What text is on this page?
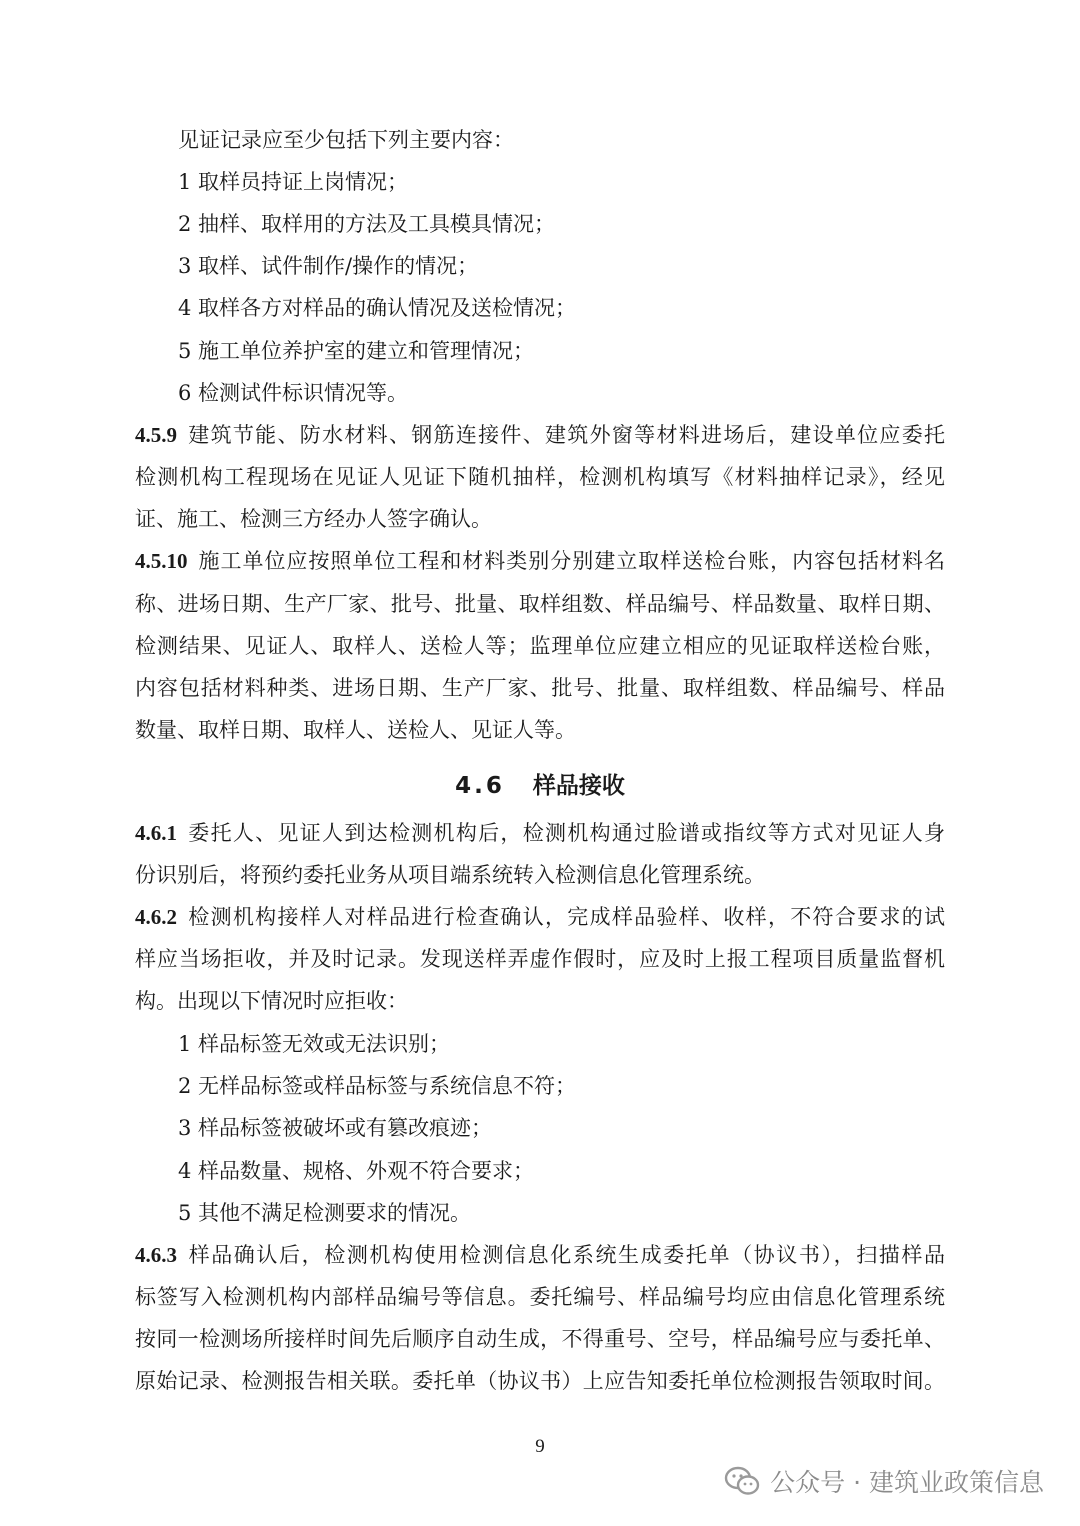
见证记录应至少包括下列主要内容：
1 取样员持证上岗情况；
2 抽样、取样用的方法及工具模具情况；
3 取样、试件制作/操作的情况；
4 取样各方对样品的确认情况及送检情况；
5 施工单位养护室的建立和管理情况；
6 检测试件标识情况等。
4.5.9 建筑节能、防水材料、钢筋连接件、建筑外窗等材料进场后，建设单位应委托
检测机构工程现场在见证人见证下随机抽样，检测机构填写《材料抽样记录》，经见
证、施工、检测三方经办人签字确认。
4.5.10 施工单位应按照单位工程和材料类别分别建立取样送检台账，内容包括材料名
称、进场日期、生产厂家、批号、批量、取样组数、样品编号、样品数量、取样日期、
检测结果、见证人、取样人、送检人等；监理单位应建立相应的见证取样送检台账，
内容包括材料种类、进场日期、生产厂家、批号、批量、取样组数、样品编号、样品
数量、取样日期、取样人、送检人、见证人等。
4.6 样品接收
4.6.1 委托人、见证人到达检测机构后，检测机构通过脸谱或指纹等方式对见证人身
份识别后，将预约委托业务从项目端系统转入检测信息化管理系统。
4.6.2 检测机构接样人对样品进行检查确认，完成样品验样、收样，不符合要求的试
样应当场拒收，并及时记录。发现送样弄虚作假时，应及时上报工程项目质量监督机
构。出现以下情况时应拒收：
1 样品标签无效或无法识别；
2 无样品标签或样品标签与系统信息不符；
3 样品标签被破坏或有篡改痕迹；
4 样品数量、规格、外观不符合要求；
5 其他不满足检测要求的情况。
4.6.3 样品确认后，检测机构使用检测信息化系统生成委托单（协议书），扫描样品
标签写入检测机构内部样品编号等信息。委托编号、样品编号均应由信息化管理系统
按同一检测场所接样时间先后顺序自动生成，不得重号、空号，样品编号应与委托单、
原始记录、检测报告相关联。委托单（协议书）上应告知委托单位检测报告领取时间。
9
公众号 · 建筑业政策信息
